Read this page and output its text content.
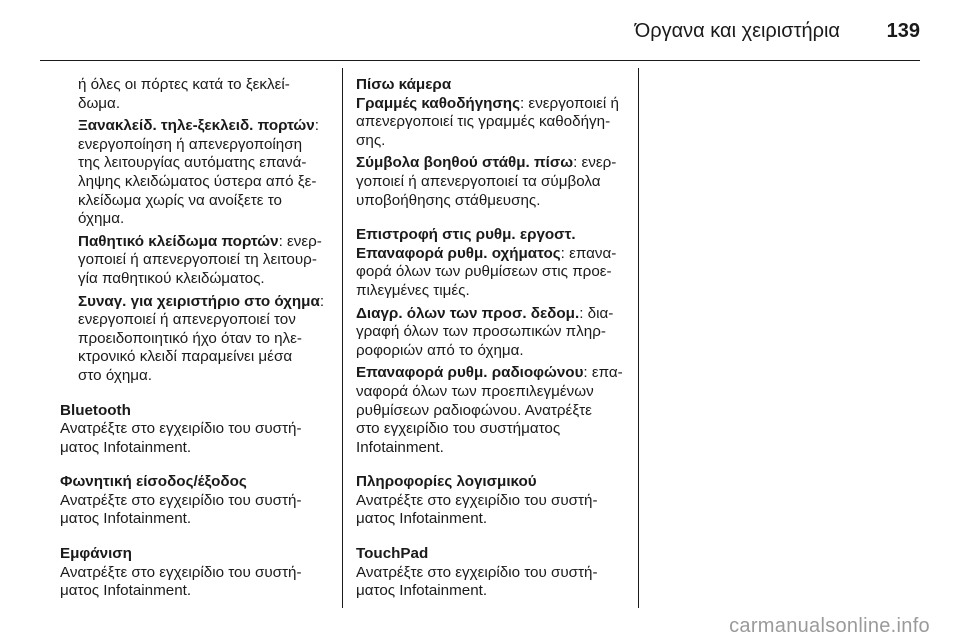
Όργανα και χειριστήρια 139
ή όλες οι πόρτες κατά το ξεκλεί-
δωμα.
Ξανακλείδ. τηλε-ξεκλειδ. πορτών:
ενεργοποίηση ή απενεργοποίηση
της λειτουργίας αυτόματης επανά-
ληψης κλειδώματος ύστερα από ξε-
κλείδωμα χωρίς να ανοίξετε το
όχημα.
Παθητικό κλείδωμα πορτών: ενερ-
γοποιεί ή απενεργοποιεί τη λειτουρ-
γία παθητικού κλειδώματος.
Συναγ. για χειριστήριο στο όχημα:
ενεργοποιεί ή απενεργοποιεί τον
προειδοποιητικό ήχο όταν το ηλε-
κτρονικό κλειδί παραμείνει μέσα
στο όχημα.
Bluetooth
Ανατρέξτε στο εγχειρίδιο του συστή-
ματος Infotainment.
Φωνητική είσοδος/έξοδος
Ανατρέξτε στο εγχειρίδιο του συστή-
ματος Infotainment.
Εμφάνιση
Ανατρέξτε στο εγχειρίδιο του συστή-
ματος Infotainment.
Πίσω κάμερα
Γραμμές καθοδήγησης: ενεργοποιεί ή
απενεργοποιεί τις γραμμές καθοδήγη-
σης.
Σύμβολα βοηθού στάθμ. πίσω: ενερ-
γοποιεί ή απενεργοποιεί τα σύμβολα
υποβοήθησης στάθμευσης.
Επιστροφή στις ρυθμ. εργοστ.
Επαναφορά ρυθμ. οχήματος: επανα-
φορά όλων των ρυθμίσεων στις προε-
πιλεγμένες τιμές.
Διαγρ. όλων των προσ. δεδομ.: δια-
γραφή όλων των προσωπικών πληρ-
ροφοριών από το όχημα.
Επαναφορά ρυθμ. ραδιοφώνου: επα-
ναφορά όλων των προεπιλεγμένων
ρυθμίσεων ραδιοφώνου. Ανατρέξτε
στο εγχειρίδιο του συστήματος
Infotainment.
Πληροφορίες λογισμικού
Ανατρέξτε στο εγχειρίδιο του συστή-
ματος Infotainment.
TouchPad
Ανατρέξτε στο εγχειρίδιο του συστή-
ματος Infotainment.
carmanualsonline.info
